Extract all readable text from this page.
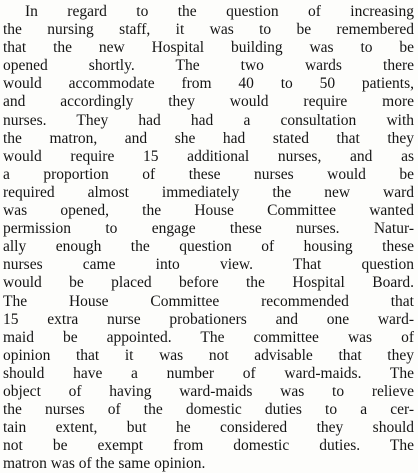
In regard to the question of increasing
the nursing staff, it was to be remembered
that the new Hospital building was to be
opened shortly. The two wards there
would accommodate from 40 to 50 patients,
and accordingly they would require more
nurses. They had had a consultation with
the matron, and she had stated that they
would require 15 additional nurses, and as
a proportion of these nurses would be
required almost immediately the new ward
was opened, the House Committee wanted
permission to engage these nurses. Natur-
ally enough the question of housing these
nurses came into view. That question
would be placed before the Hospital Board.
The House Committee recommended that
15 extra nurse probationers and one ward-
maid be appointed. The committee was of
opinion that it was not advisable that they
should have a number of ward-maids. The
object of having ward-maids was to relieve
the nurses of the domestic duties to a cer-
tain extent, but he considered they should
not be exempt from domestic duties. The
matron was of the same opinion.
